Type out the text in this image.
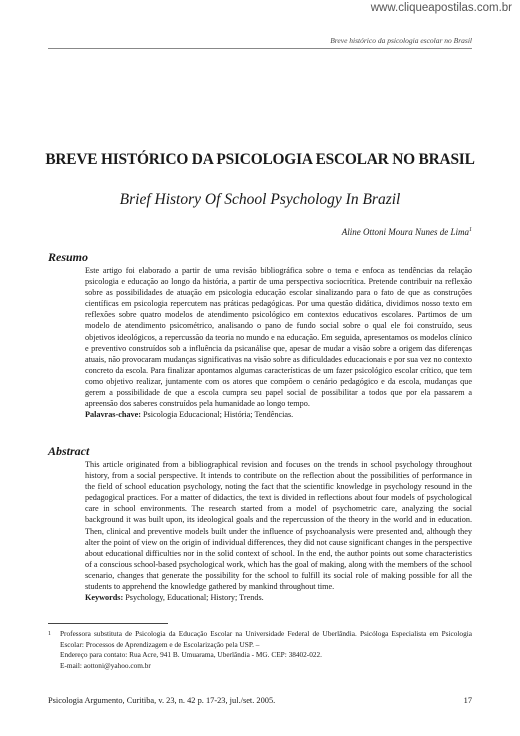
www.cliqueapostilas.com.br
Breve histórico da psicologia escolar no Brasil
BREVE HISTÓRICO DA PSICOLOGIA ESCOLAR NO BRASIL
Brief History Of School Psychology In Brazil
Aline Ottoni Moura Nunes de Lima$^1$
Resumo

Este artigo foi elaborado a partir de uma revisão bibliográfica sobre o tema e enfoca as tendências da relação psicologia e educação ao longo da história, a partir de uma perspectiva sociocrítica. Pretende contribuir na reflexão sobre as possibilidades de atuação em psicologia educação escolar sinalizando para o fato de que as construções científicas em psicologia repercutem nas práticas pedagógicas. Por uma questão didática, dividimos nosso texto em reflexões sobre quatro modelos de atendimento psicológico em contextos educativos escolares. Partimos de um modelo de atendimento psicométrico, analisando o pano de fundo social sobre o qual ele foi construído, seus objetivos ideológicos, a repercussão da teoria no mundo e na educação. Em seguida, apresentamos os modelos clínico e preventivo construídos sob a influência da psicanálise que, apesar de mudar a visão sobre a origem das diferenças atuais, não provocaram mudanças significativas na visão sobre as dificuldades educacionais e por sua vez no contexto concreto da escola. Para finalizar apontamos algumas características de um fazer psicológico escolar crítico, que tem como objetivo realizar, juntamente com os atores que compõem o cenário pedagógico e da escola, mudanças que gerem a possibilidade de que a escola cumpra seu papel social de possibilitar a todos que por ela passarem a apreensão dos saberes construídos pela humanidade ao longo tempo.

Palavras-chave: Psicologia Educacional; História; Tendências.

Abstract

This article originated from a bibliographical revision and focuses on the trends in school psychology throughout history, from a social perspective. It intends to contribute on the reflection about the possibilities of performance in the field of school education psychology, noting the fact that the scientific knowledge in psychology resound in the pedagogical practices. For a matter of didactics, the text is divided in reflections about four models of psychological care in school environments. The research started from a model of psychometric care, analyzing the social background it was built upon, its ideological goals and the repercussion of the theory in the world and in education. Then, clinical and preventive models built under the influence of psychoanalysis were presented and, although they alter the point of view on the origin of individual differences, they did not cause significant changes in the perspective about educational difficulties nor in the solid context of school. In the end, the author points out some characteristics of a conscious school-based psychological work, which has the goal of making, along with the members of the school scenario, changes that generate the possibility for the school to fulfill its social role of making possible for all the students to apprehend the knowledge gathered by mankind throughout time.

Keywords: Psychology, Educational; History; Trends.

1 Professora substituta de Psicologia da Educação Escolar na Universidade Federal de Uberlândia. Psicóloga Especialista em Psicologia Escolar: Processos de Aprendizagem e de Escolarização pela USP. –
Endereço para contato: Rua Acre, 941 B. Umuarama, Uberlândia - MG. CEP: 38402-022.
E-mail: aottoni@yahoo.com.br
Psicologia Argumento, Curitiba, v. 23, n. 42 p. 17-23, jul./set. 2005.	17
